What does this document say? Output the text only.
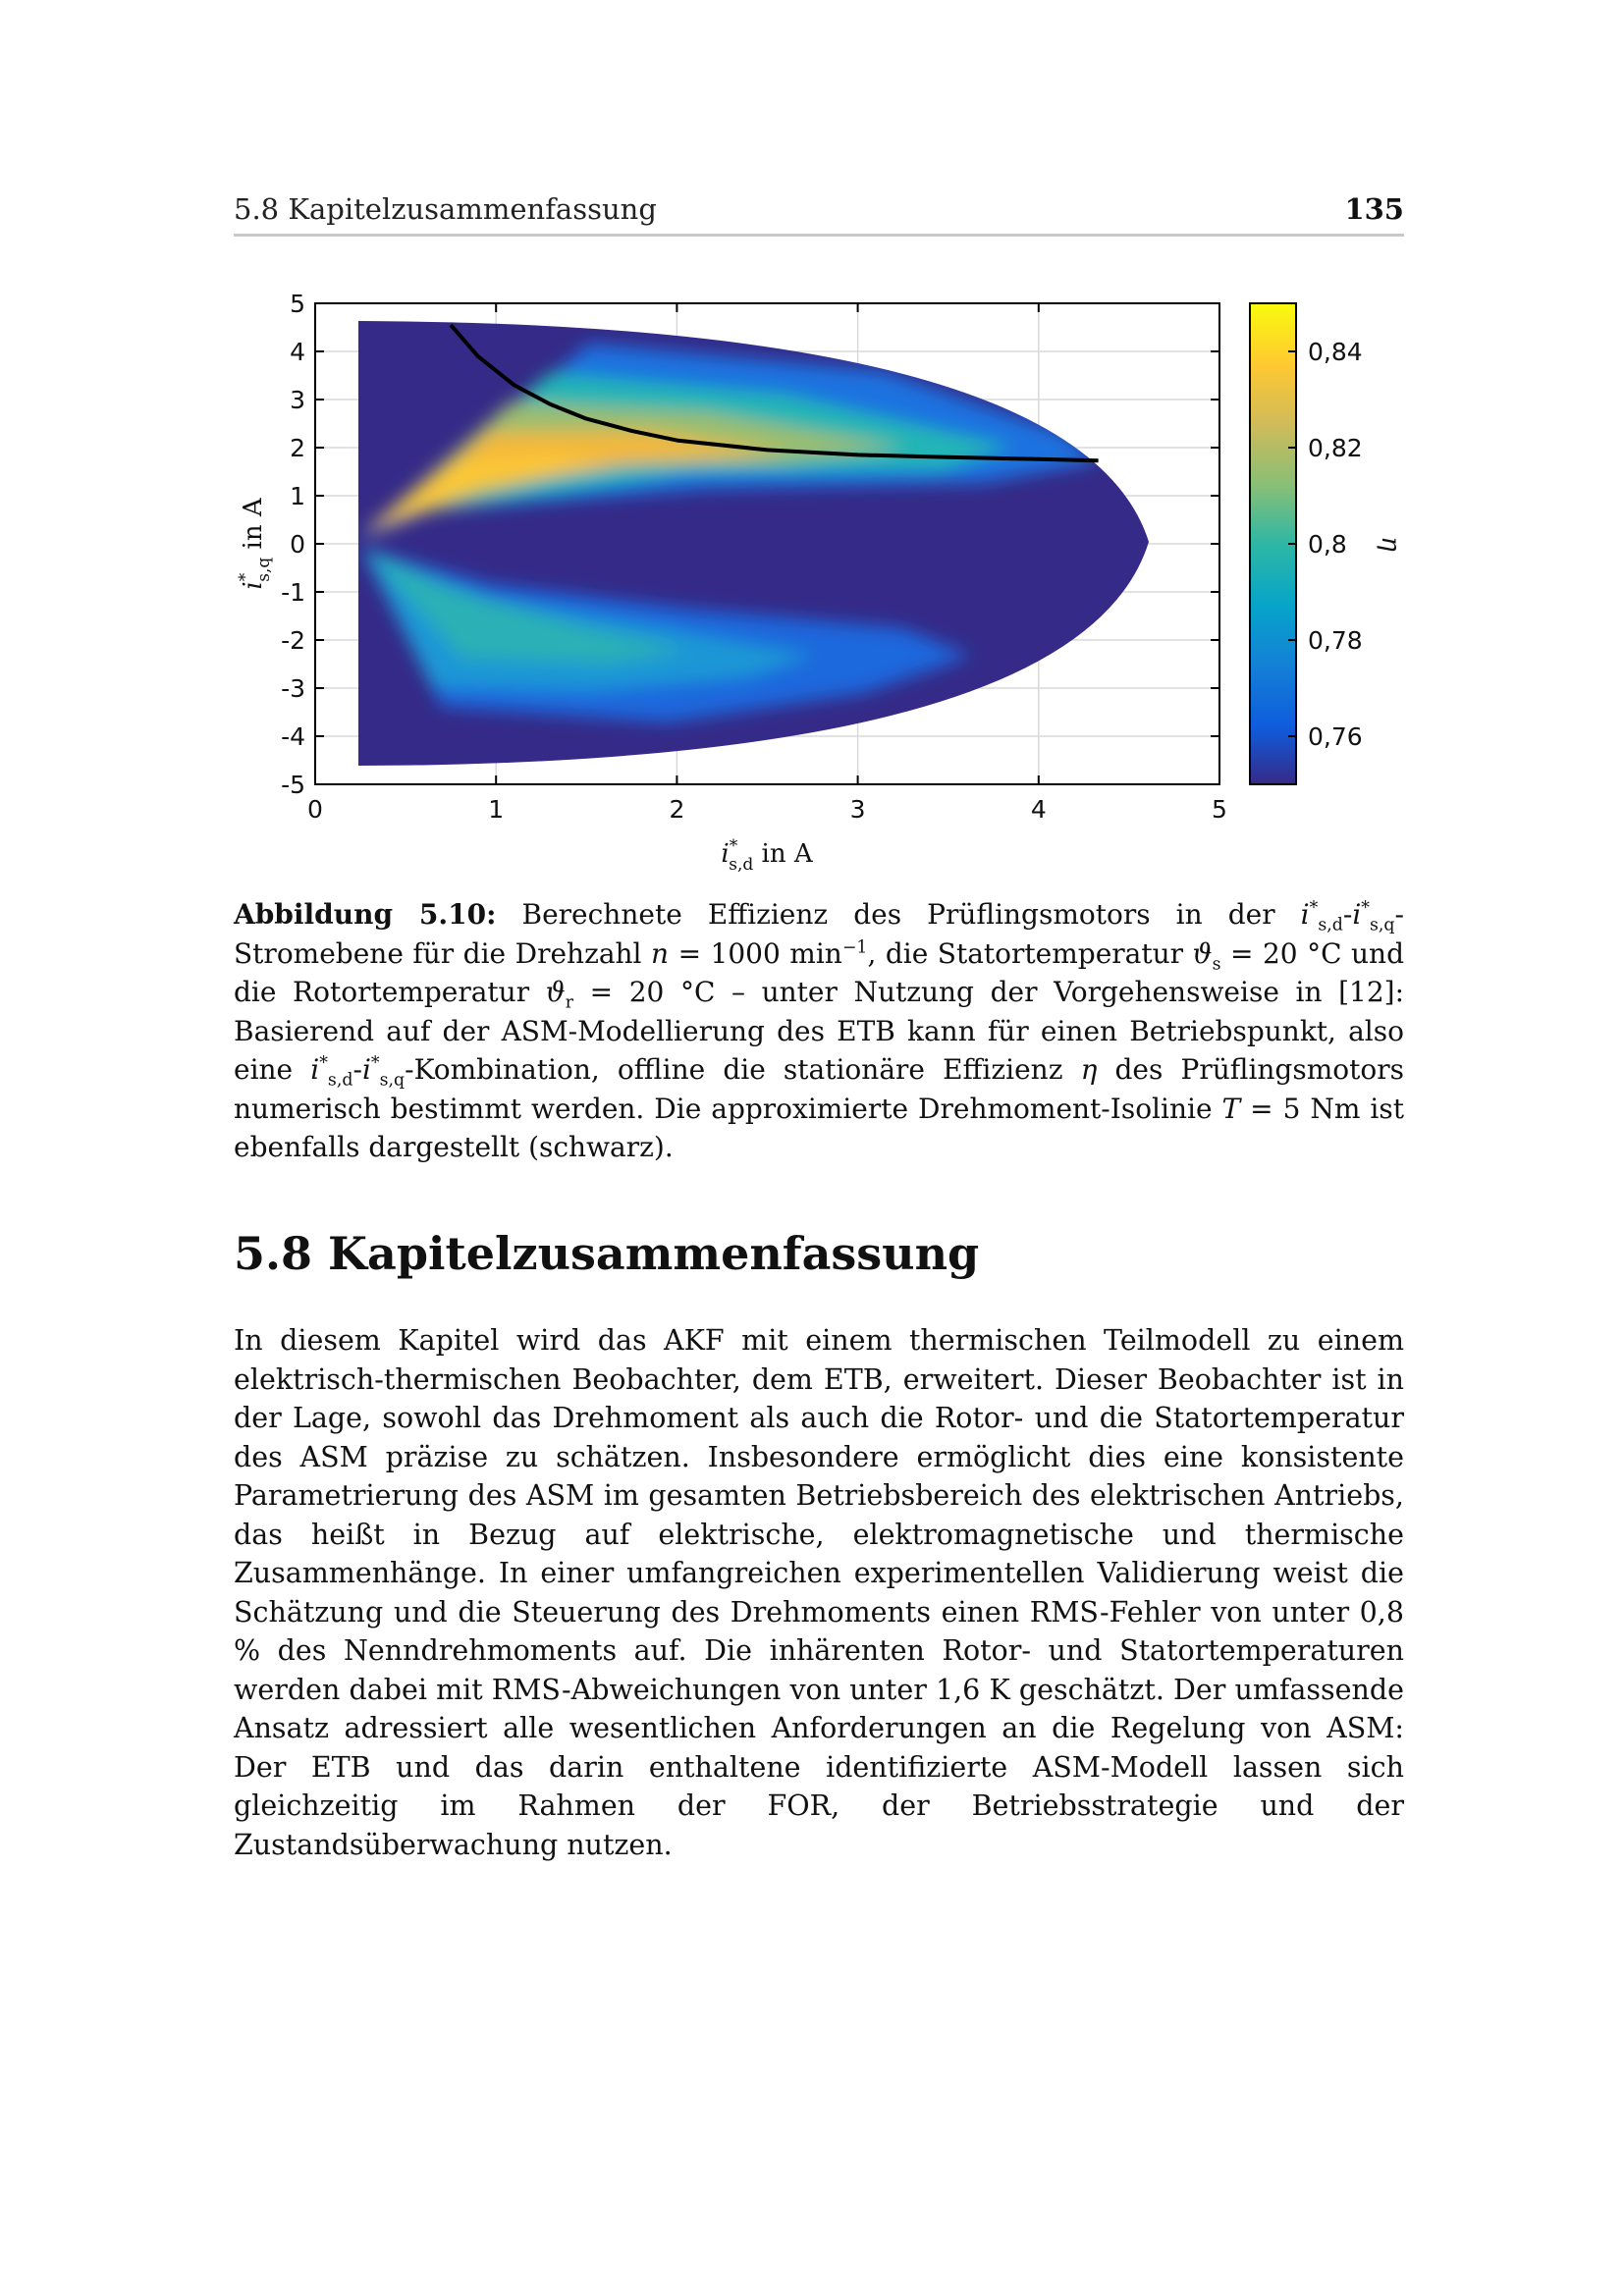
5.8 Kapitelzusammenfassung	135
0	1	2	3	4	5
5
4
3
2
1
0
-1
-2
-3
-4
-5
i* s,d in A
i*s,q in A
0,76
0,78
0,8
0,82
0,84
η
Abbildung 5.10: Berechnete Effizienz des Prüflingsmotors in der $i^*_{s,d}-i^*_{s,q}$-Stromebene für die Drehzahl n = 1000 $\min^{-1}$, die Statortemperatur $ϑ_s = 20$ °C und die Rotortemperatur $ϑ_r = 20$ °C – unter Nutzung der Vorgehensweise in [12]: Basierend auf der ASM-Modellierung des ETB kann für einen Betriebspunkt, also eine $i^*_{s,d}-i^*_{s,q}$-Kombination, offline die stationäre Effizienz η des Prüflingsmotors numerisch bestimmt werden. Die approximierte Drehmoment-Isolinie T = 5 Nm ist ebenfalls dargestellt (schwarz).
5.8 Kapitelzusammenfassung

In diesem Kapitel wird das AKF mit einem thermischen Teilmodell zu einem elektrisch-thermischen Beobachter, dem ETB, erweitert. Dieser Beobachter ist in der Lage, sowohl das Drehmoment als auch die Rotor- und die Statortemperatur des ASM präzise zu schätzen. Insbesondere ermöglicht dies eine konsistente Parametrierung des ASM im gesamten Betriebsbereich des elektrischen Antriebs, das heißt in Bezug auf elektrische, elektromagnetische und thermische Zusammenhänge. In einer umfangreichen experimentellen Validierung weist die Schätzung und die Steuerung des Drehmoments einen RMS-Fehler von unter 0,8 % des Nenndrehmoments auf. Die inhärenten Rotor- und Statortemperaturen werden dabei mit RMS-Abweichungen von unter 1,6 K geschätzt. Der umfassende Ansatz adressiert alle wesentlichen Anforderungen an die Regelung von ASM: Der ETB und das darin enthaltene identifizierte ASM-Modell lassen sich gleichzeitig im Rahmen der FOR, der Betriebsstrategie und der Zustandsüberwachung nutzen.
